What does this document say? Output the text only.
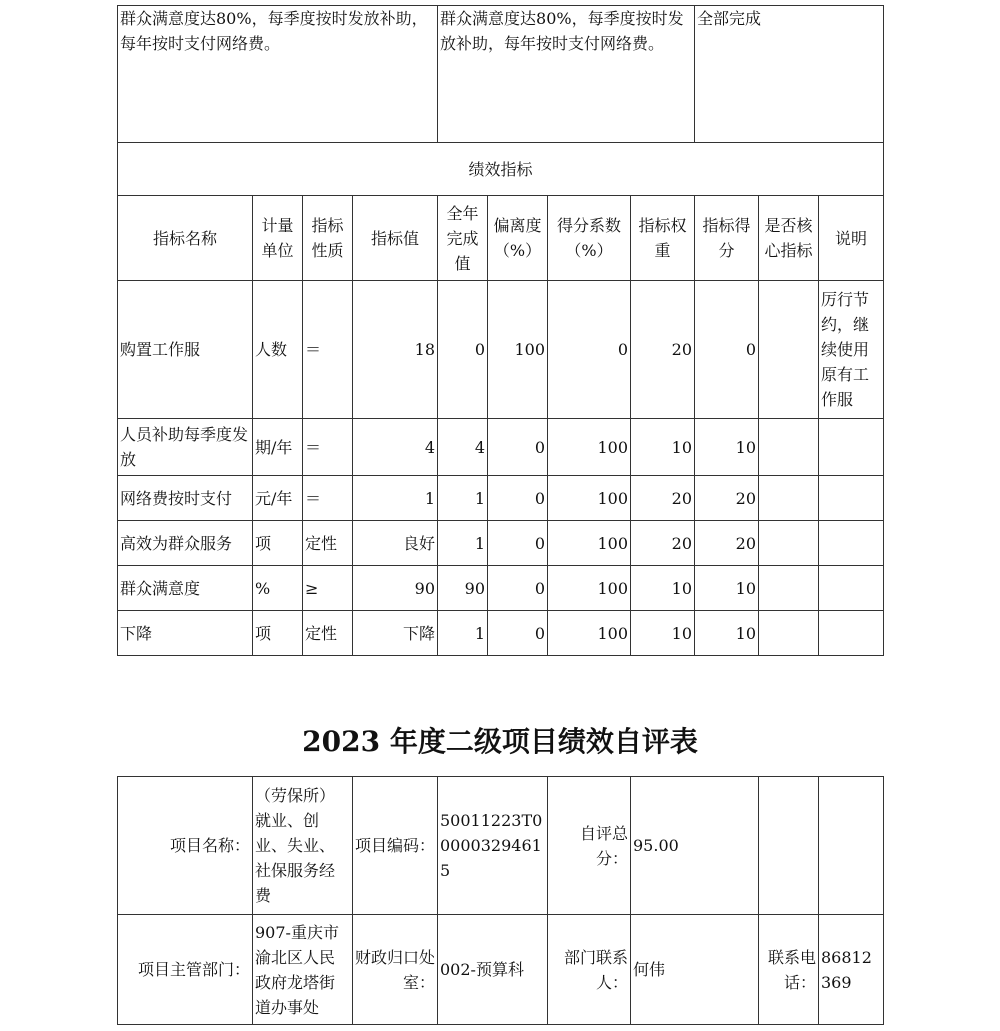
群众满意度达80%，每季度按时发放补助，每年按时支付网络费。				群众满意度达80%，每季度按时发放补助，每年按时支付网络费。				全部完成		
绩效指标										
指标名称	计量单位	指标性质	指标值	全年完成值	偏离度（%）	得分系数（%）	指标权重	指标得分	是否核心指标	说明
购置工作服	人数	＝	18	0	100	0	20	0		厉行节约，继续使用原有工作服
人员补助每季度发放	期/年	＝	4	4	0	100	10	10		
网络费按时支付	元/年	＝	1	1	0	100	20	20		
高效为群众服务	项	定性	良好	1	0	100	20	20		
群众满意度	%	≥	90	90	0	100	10	10		
下降	项	定性	下降	1	0	100	10	10		
2023 年度二级项目绩效自评表
项目名称：	（劳保所）就业、创业、失业、社保服务经费	项目编码：	50011223T000003294615	自评总分：	95.00		
项目主管部门：	907-重庆市渝北区人民政府龙塔街道办事处	财政归口处室：	002-预算科	部门联系人：	何伟	联系电话：	86812369
